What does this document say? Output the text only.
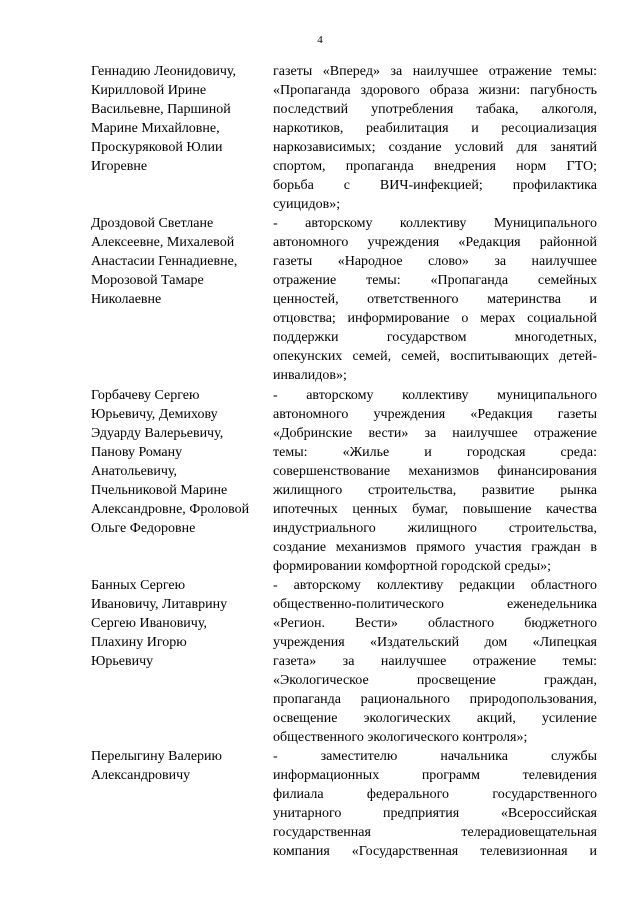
4
Геннадию Леонидовичу,
Кирилловой Ирине
Васильевне, Паршиной
Марине Михайловне,
Проскуряковой Юлии
Игоревне
газеты «Вперед» за наилучшее отражение темы:
«Пропаганда здорового образа жизни: пагубность
последствий употребления табака, алкоголя,
наркотиков, реабилитация и ресоциализация
наркозависимых; создание условий для занятий
спортом, пропаганда внедрения норм ГТО;
борьба с ВИЧ-инфекцией; профилактика
суицидов»;
Дроздовой Светлане
Алексеевне, Михалевой
Анастасии Геннадиевне,
Морозовой Тамаре
Николаевне
- авторскому коллективу Муниципального
автономного учреждения «Редакция районной
газеты «Народное слово» за наилучшее
отражение темы: «Пропаганда семейных
ценностей, ответственного материнства и
отцовства; информирование о мерах социальной
поддержки государством многодетных,
опекунских семей, семей, воспитывающих детей-
инвалидов»;
Горбачеву Сергею
Юрьевичу, Демихову
Эдуарду Валерьевичу,
Панову Роману
Анатольевичу,
Пчельниковой Марине
Александровне, Фроловой
Ольге Федоровне
- авторскому коллективу муниципального
автономного учреждения «Редакция газеты
«Добринские вести» за наилучшее отражение
темы: «Жилье и городская среда:
совершенствование механизмов финансирования
жилищного строительства, развитие рынка
ипотечных ценных бумаг, повышение качества
индустриального жилищного строительства,
создание механизмов прямого участия граждан в
формировании комфортной городской среды»;
Банных Сергею
Ивановичу, Литаврину
Сергею Ивановичу,
Плахину Игорю
Юрьевичу
- авторскому коллективу редакции областного
общественно-политического еженедельника
«Регион. Вести» областного бюджетного
учреждения «Издательский дом «Липецкая
газета» за наилучшее отражение темы:
«Экологическое просвещение граждан,
пропаганда рационального природопользования,
освещение экологических акций, усиление
общественного экологического контроля»;
Перелыгину Валерию
Александровичу
- заместителю начальника службы
информационных программ телевидения
филиала федерального государственного
унитарного предприятия «Всероссийская
государственная телерадиовещательная
компания «Государственная телевизионная и
